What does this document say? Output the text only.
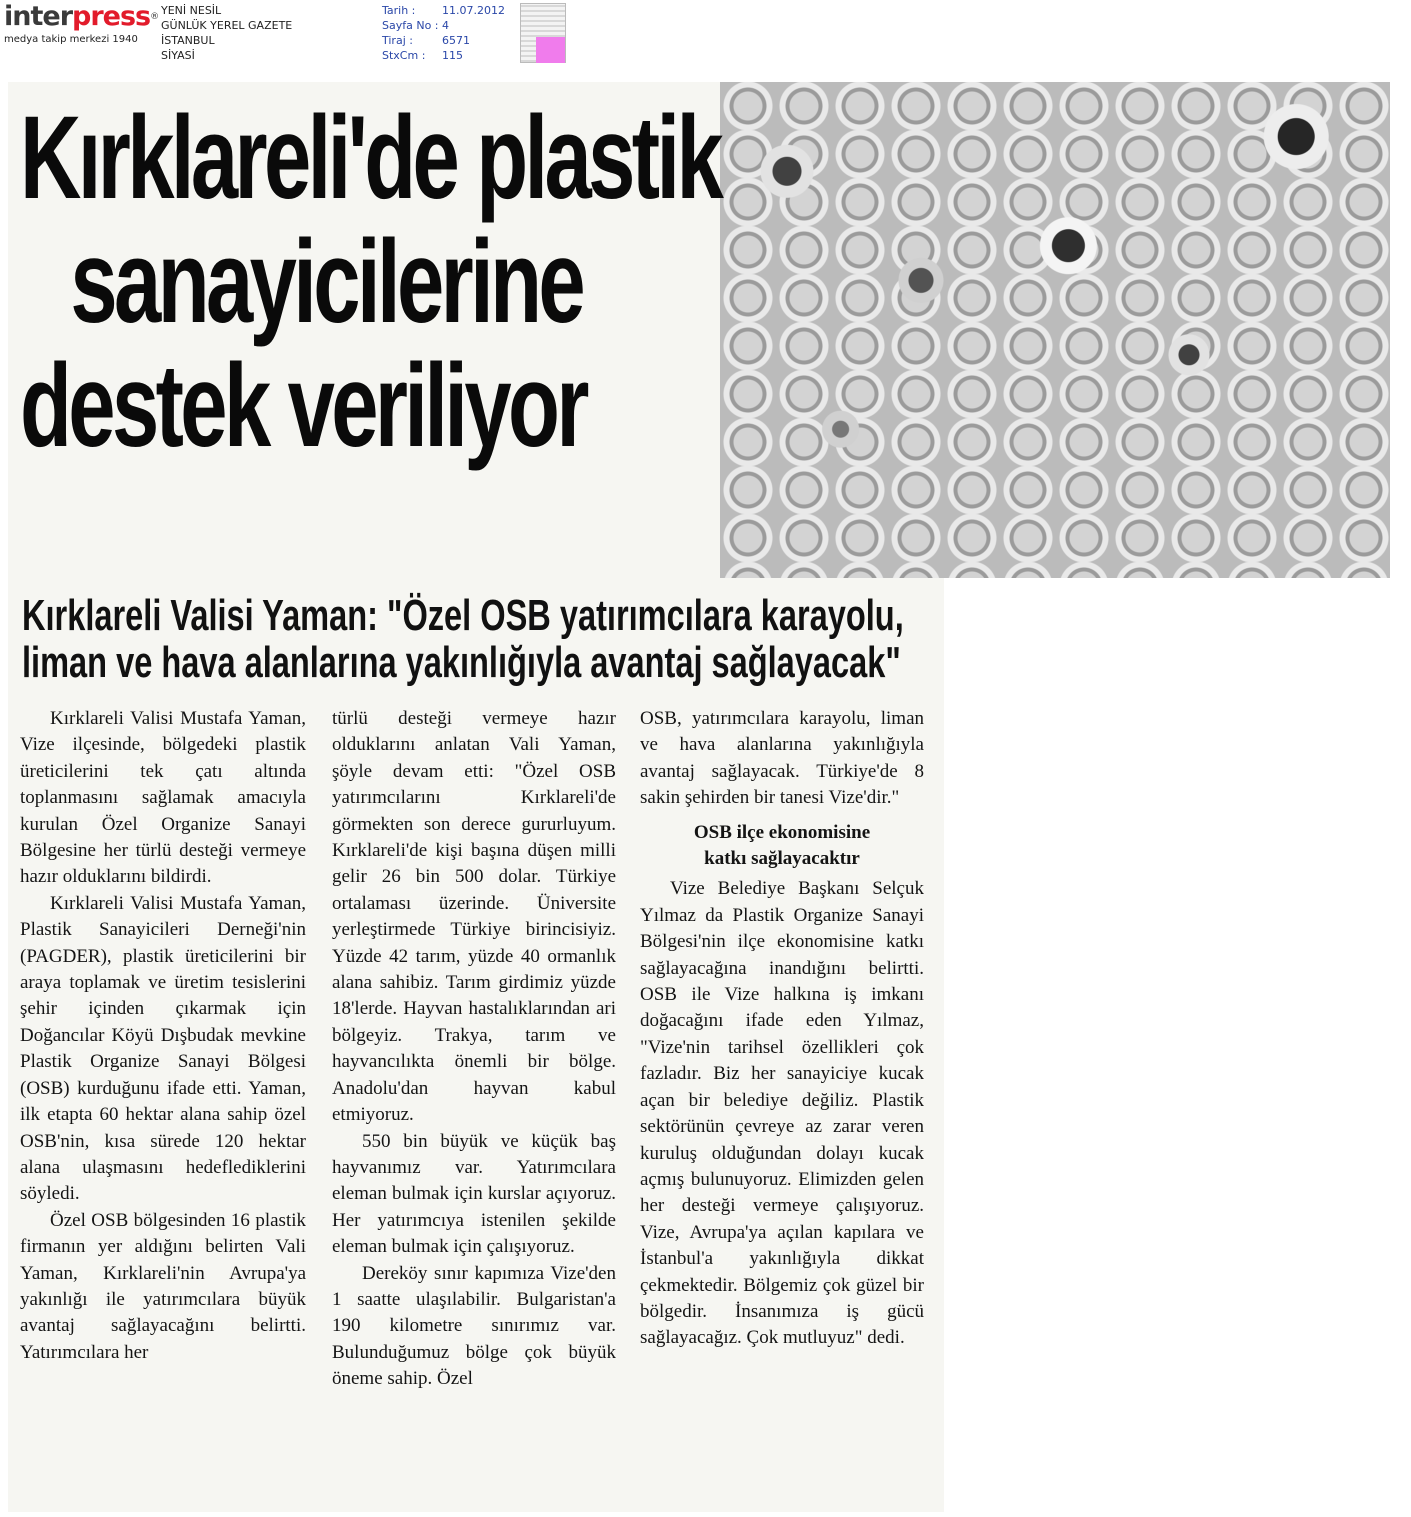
interpress®
medya takip merkezi 1940
YENİ NESİL
GÜNLÜK YEREL GAZETE
İSTANBUL
SİYASİ
Tarih :
Sayfa No :
Tiraj :
StxCm :
11.07.2012
4
6571
115
Kırklareli'de plastik
sanayicilerine
destek veriliyor
Kırklareli Valisi Yaman: "Özel OSB yatırımcılara karayolu,
liman ve hava alanlarına yakınlığıyla avantaj sağlayacak"

Kırklareli Valisi Mustafa Yaman, Vize ilçesinde, bölgedeki plastik üreticilerini tek çatı altında toplanmasını sağlamak amacıyla kurulan Özel Organize Sanayi Bölgesine her türlü desteği vermeye hazır olduklarını bildirdi.

Kırklareli Valisi Mustafa Yaman, Plastik Sanayicileri Derneği'nin (PAGDER), plastik üreticilerini bir araya toplamak ve üretim tesislerini şehir içinden çıkarmak için Doğancılar Köyü Dışbudak mevkine Plastik Organize Sanayi Bölgesi (OSB) kurduğunu ifade etti. Yaman, ilk etapta 60 hektar alana sahip özel OSB'nin, kısa sürede 120 hektar alana ulaşmasını hedeflediklerini söyledi.

Özel OSB bölgesinden 16 plastik firmanın yer aldığını belirten Vali Yaman, Kırklareli'nin Avrupa'ya yakınlığı ile yatırımcılara büyük avantaj sağlayacağını belirtti. Yatırımcılara her

türlü desteği vermeye hazır olduklarını anlatan Vali Yaman, şöyle devam etti: "Özel OSB yatırımcılarını Kırklareli'de görmekten son derece gururluyum. Kırklareli'de kişi başına düşen milli gelir 26 bin 500 dolar. Türkiye ortalaması üzerinde. Üniversite yerleştirmede Türkiye birincisiyiz. Yüzde 42 tarım, yüzde 40 ormanlık alana sahibiz. Tarım girdimiz yüzde 18'lerde. Hayvan hastalıklarından ari bölgeyiz. Trakya, tarım ve hayvancılıkta önemli bir bölge. Anadolu'dan hayvan kabul etmiyoruz.

550 bin büyük ve küçük baş hayvanımız var. Yatırımcılara eleman bulmak için kurslar açıyoruz. Her yatırımcıya istenilen şekilde eleman bulmak için çalışıyoruz.

Dereköy sınır kapımıza Vize'den 1 saatte ulaşılabilir. Bulgaristan'a 190 kilometre sınırımız var. Bulunduğumuz bölge çok büyük öneme sahip. Özel

OSB, yatırımcılara karayolu, liman ve hava alanlarına yakınlığıyla avantaj sağlayacak. Türkiye'de 8 sakin şehirden bir tanesi Vize'dir."

OSB ilçe ekonomisine
katkı sağlayacaktır

Vize Belediye Başkanı Selçuk Yılmaz da Plastik Organize Sanayi Bölgesi'nin ilçe ekonomisine katkı sağlayacağına inandığını belirtti. OSB ile Vize halkına iş imkanı doğacağını ifade eden Yılmaz, "Vize'nin tarihsel özellikleri çok fazladır. Biz her sanayiciye kucak açan bir belediye değiliz. Plastik sektörünün çevreye az zarar veren kuruluş olduğundan dolayı kucak açmış bulunuyoruz. Elimizden gelen her desteği vermeye çalışıyoruz. Vize, Avrupa'ya açılan kapılara ve İstanbul'a yakınlığıyla dikkat çekmektedir. Bölgemiz çok güzel bir bölgedir. İnsanımıza iş gücü sağlayacağız. Çok mutluyuz" dedi.
